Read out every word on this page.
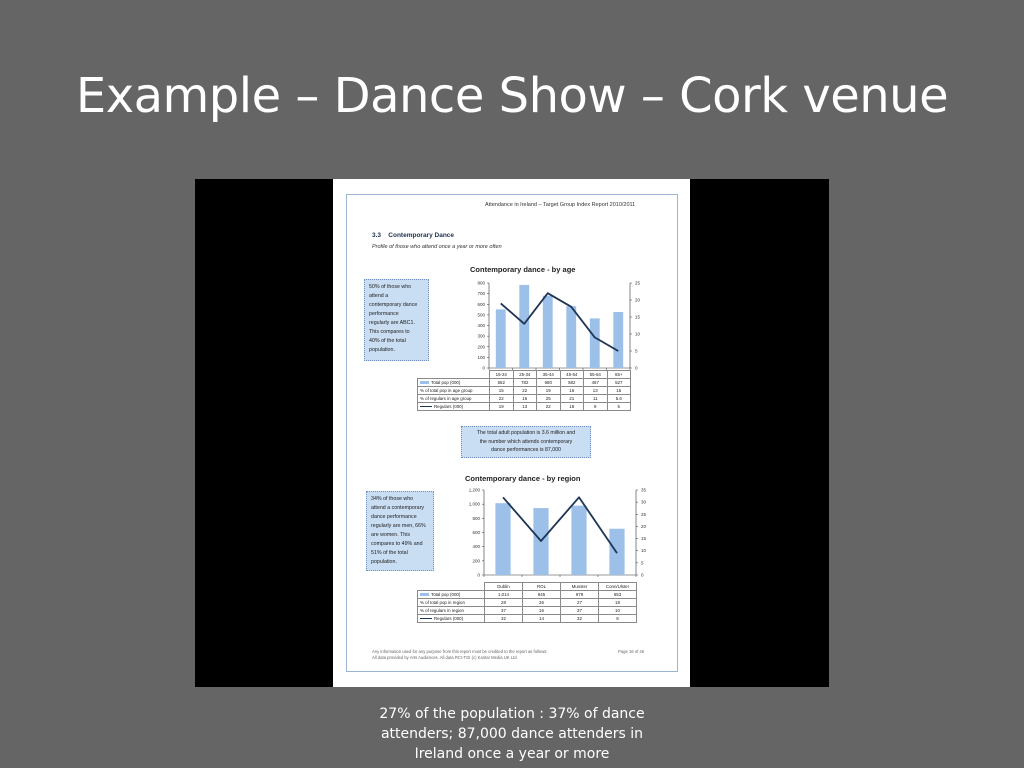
Example – Dance Show – Cork venue
Attendance in Ireland – Target Group Index Report 2010/2011
3.3 Contemporary Dance
Profile of those who attend once a year or more often
50% of those who
attend a
contemporary dance
performance
regularly are ABC1.
This compares to
40% of the total
population.
Contemporary dance - by age
0
100
200
300
400
500
600
700
800
0
5
10
15
20
25
	15-24	25-34	35-44	45-54	55-64	65+
Total pop (000)	552	782	680	582	467	527
% of total pop in age group	15	22	19	16	13	15
% of regulars in age group	22	16	25	21	11	5.6
Regulars (000)	19	13	22	18	9	5
The total adult population is 3.6 million and
the number which attends contemporary
dance performances is 87,000
34% of those who
attend a contemporary
dance performance
regularly are men, 66%
are women. This
compares to 49% and
51% of the total
population.
Contemporary dance - by region
0
200
400
600
800
1,000
1,200
0
5
10
15
20
25
30
35
	Dublin	ROL	Munster	Conn/Ulster
Total pop (000)	1,014	945	979	653
% of total pop in region	28	26	27	18
% of regulars in region	37	16	37	10
Regulars (000)	32	14	32	9
Any information used for any purpose from this report must be credited to the report as follows:
All data provided by Arts Audiences. All data RCI-TGI (c) Kantar Media UK Ltd.
Page 16 of 46
27% of the population : 37% of dance attenders; 87,000 dance attenders in Ireland once a year or more
